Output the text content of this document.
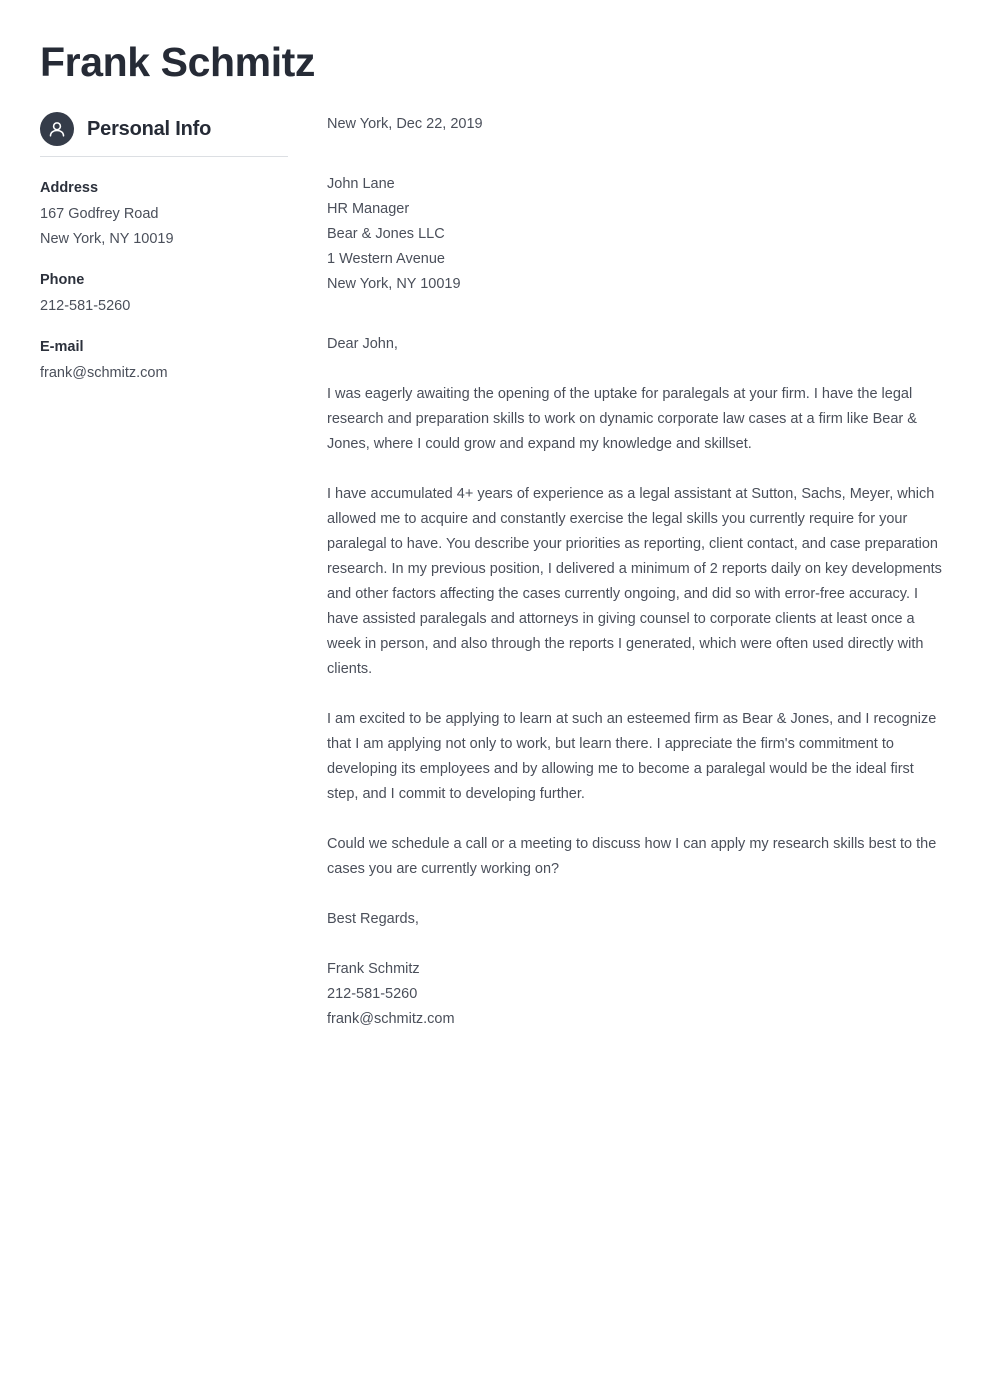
Frank Schmitz
Personal Info
Address
167 Godfrey Road
New York, NY 10019
Phone
212-581-5260
E-mail
frank@schmitz.com
New York, Dec 22, 2019
John Lane
HR Manager
Bear & Jones LLC
1 Western Avenue
New York, NY 10019
Dear John,

I was eagerly awaiting the opening of the uptake for paralegals at your firm. I have the legal research and preparation skills to work on dynamic corporate law cases at a firm like Bear & Jones, where I could grow and expand my knowledge and skillset.

I have accumulated 4+ years of experience as a legal assistant at Sutton, Sachs, Meyer, which allowed me to acquire and constantly exercise the legal skills you currently require for your paralegal to have. You describe your priorities as reporting, client contact, and case preparation research. In my previous position, I delivered a minimum of 2 reports daily on key developments and other factors affecting the cases currently ongoing, and did so with error-free accuracy. I have assisted paralegals and attorneys in giving counsel to corporate clients at least once a week in person, and also through the reports I generated, which were often used directly with clients.

I am excited to be applying to learn at such an esteemed firm as Bear & Jones, and I recognize that I am applying not only to work, but learn there. I appreciate the firm's commitment to developing its employees and by allowing me to become a paralegal would be the ideal first step, and I commit to developing further.

Could we schedule a call or a meeting to discuss how I can apply my research skills best to the cases you are currently working on?

Best Regards,
Frank Schmitz
212-581-5260
frank@schmitz.com
